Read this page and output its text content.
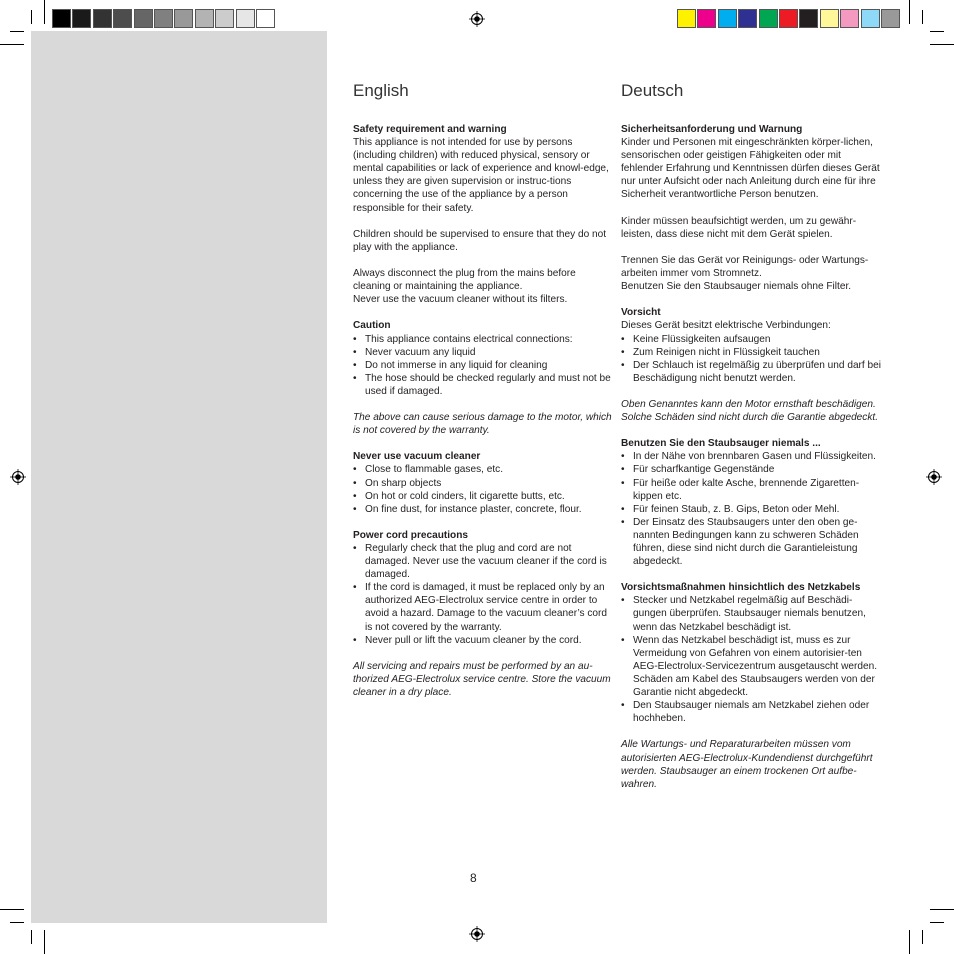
English
Safety requirement and warning

This appliance is not intended for use by persons (including children) with reduced physical, sensory or mental capabilities or lack of experience and knowl-edge, unless they are given supervision or instruc-tions concerning the use of the appliance by a person responsible for their safety.

Children should be supervised to ensure that they do not play with the appliance.

Always disconnect the plug from the mains before cleaning or maintaining the appliance.

Never use the vacuum cleaner without its filters.

Caution
• This appliance contains electrical connections:
• Never vacuum any liquid
• Do not immerse in any liquid for cleaning
• The hose should be checked regularly and must not be used if damaged.

The above can cause serious damage to the motor, which is not covered by the warranty.

Never use vacuum cleaner
• Close to flammable gases, etc.
• On sharp objects
• On hot or cold cinders, lit cigarette butts, etc.
• On fine dust, for instance plaster, concrete, flour.
Power cord precautions
• Regularly check that the plug and cord are not damaged. Never use the vacuum cleaner if the cord is damaged.
• If the cord is damaged, it must be replaced only by an authorized AEG-Electrolux service centre in order to avoid a hazard. Damage to the vacuum cleaner’s cord is not covered by the warranty.
• Never pull or lift the vacuum cleaner by the cord.

All servicing and repairs must be performed by an au-thorized AEG-Electrolux service centre. Store the vacuum cleaner in a dry place.

Deutsch
Sicherheitsanforderung und Warnung

Kinder und Personen mit eingeschränkten körper-lichen, sensorischen oder geistigen Fähigkeiten oder mit fehlender Erfahrung und Kenntnissen dürfen dieses Gerät nur unter Aufsicht oder nach Anleitung durch eine für ihre Sicherheit verantwortliche Person benutzen.

Kinder müssen beaufsichtigt werden, um zu gewähr-leisten, dass diese nicht mit dem Gerät spielen.

Trennen Sie das Gerät vor Reinigungs- oder Wartungs-arbeiten immer vom Stromnetz.

Benutzen Sie den Staubsauger niemals ohne Filter.

Vorsicht
Dieses Gerät besitzt elektrische Verbindungen:
• Keine Flüssigkeiten aufsaugen
• Zum Reinigen nicht in Flüssigkeit tauchen
• Der Schlauch ist regelmäßig zu überprüfen und darf bei Beschädigung nicht benutzt werden.

Oben Genanntes kann den Motor ernsthaft beschädigen. Solche Schäden sind nicht durch die Garantie abgedeckt.

Benutzen Sie den Staubsauger niemals ...
• In der Nähe von brennbaren Gasen und Flüssigkeiten.
• Für scharfkantige Gegenstände
• Für heiße oder kalte Asche, brennende Zigaretten-kippen etc.
• Für feinen Staub, z. B. Gips, Beton oder Mehl.
• Der Einsatz des Staubsaugers unter den oben ge-nannten Bedingungen kann zu schweren Schäden führen, diese sind nicht durch die Garantieleistung abgedeckt.
Vorsichtsmaßnahmen hinsichtlich des Netzkabels
• Stecker und Netzkabel regelmäßig auf Beschädi-gungen überprüfen. Staubsauger niemals benutzen, wenn das Netzkabel beschädigt ist.
• Wenn das Netzkabel beschädigt ist, muss es zur Vermeidung von Gefahren von einem autorisier-ten AEG-Electrolux-Servicezentrum ausgetauscht werden. Schäden am Kabel des Staubsaugers werden von der Garantie nicht abgedeckt.
• Den Staubsauger niemals am Netzkabel ziehen oder hochheben.

Alle Wartungs- und Reparaturarbeiten müssen vom autorisierten AEG-Electrolux-Kundendienst durchgeführt werden. Staubsauger an einem trockenen Ort aufbe-wahren.

8
